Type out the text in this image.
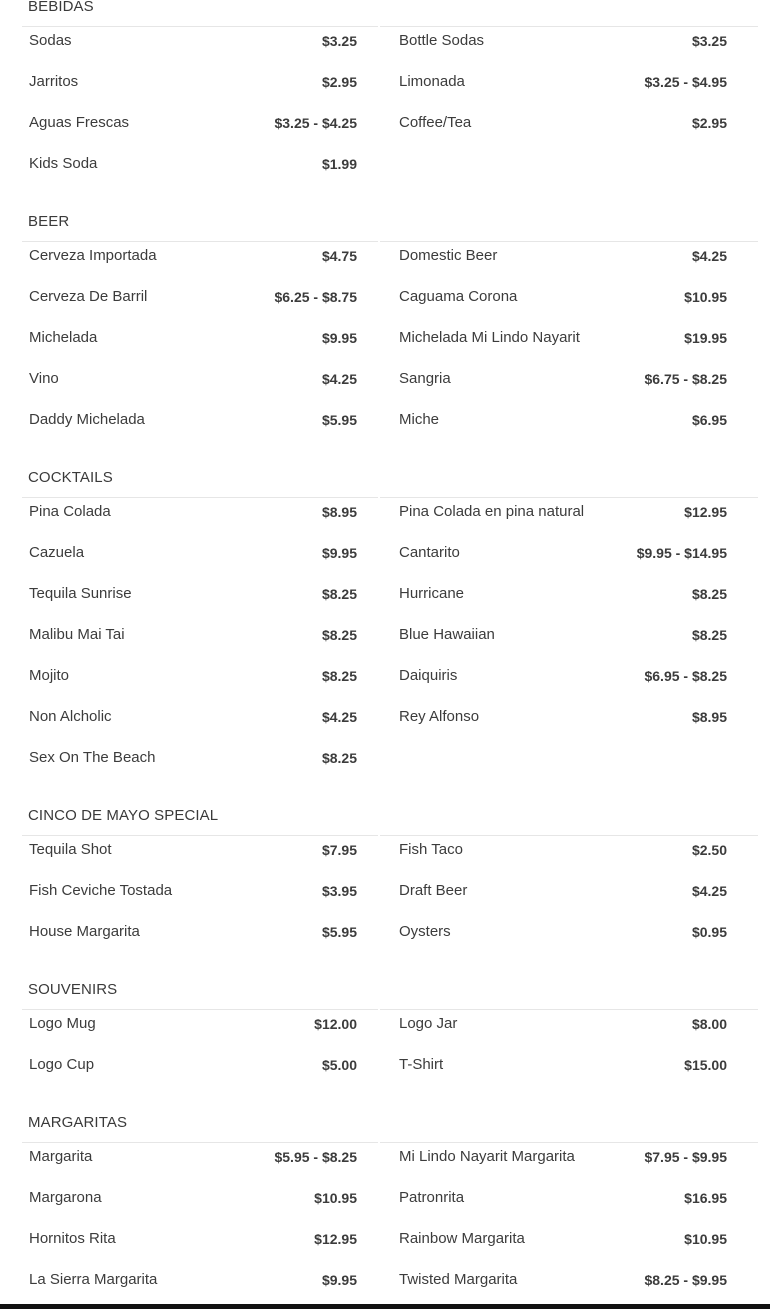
BEBIDAS
Sodas	$3.25	Bottle Sodas	$3.25
Jarritos	$2.95	Limonada	$3.25 - $4.95
Aguas Frescas	$3.25 - $4.25	Coffee/Tea	$2.95
Kids Soda	$1.99
BEER
Cerveza Importada	$4.75	Domestic Beer	$4.25
Cerveza De Barril	$6.25 - $8.75	Caguama Corona	$10.95
Michelada	$9.95	Michelada Mi Lindo Nayarit	$19.95
Vino	$4.25	Sangria	$6.75 - $8.25
Daddy Michelada	$5.95	Miche	$6.95
COCKTAILS
Pina Colada	$8.95	Pina Colada en pina natural	$12.95
Cazuela	$9.95	Cantarito	$9.95 - $14.95
Tequila Sunrise	$8.25	Hurricane	$8.25
Malibu Mai Tai	$8.25	Blue Hawaiian	$8.25
Mojito	$8.25	Daiquiris	$6.95 - $8.25
Non Alcholic	$4.25	Rey Alfonso	$8.95
Sex On The Beach	$8.25
CINCO DE MAYO SPECIAL
Tequila Shot	$7.95	Fish Taco	$2.50
Fish Ceviche Tostada	$3.95	Draft Beer	$4.25
House Margarita	$5.95	Oysters	$0.95
SOUVENIRS
Logo Mug	$12.00	Logo Jar	$8.00
Logo Cup	$5.00	T-Shirt	$15.00
MARGARITAS
Margarita	$5.95 - $8.25	Mi Lindo Nayarit Margarita	$7.95 - $9.95
Margarona	$10.95	Patronrita	$16.95
Hornitos Rita	$12.95	Rainbow Margarita	$10.95
La Sierra Margarita	$9.95	Twisted Margarita	$8.25 - $9.95
